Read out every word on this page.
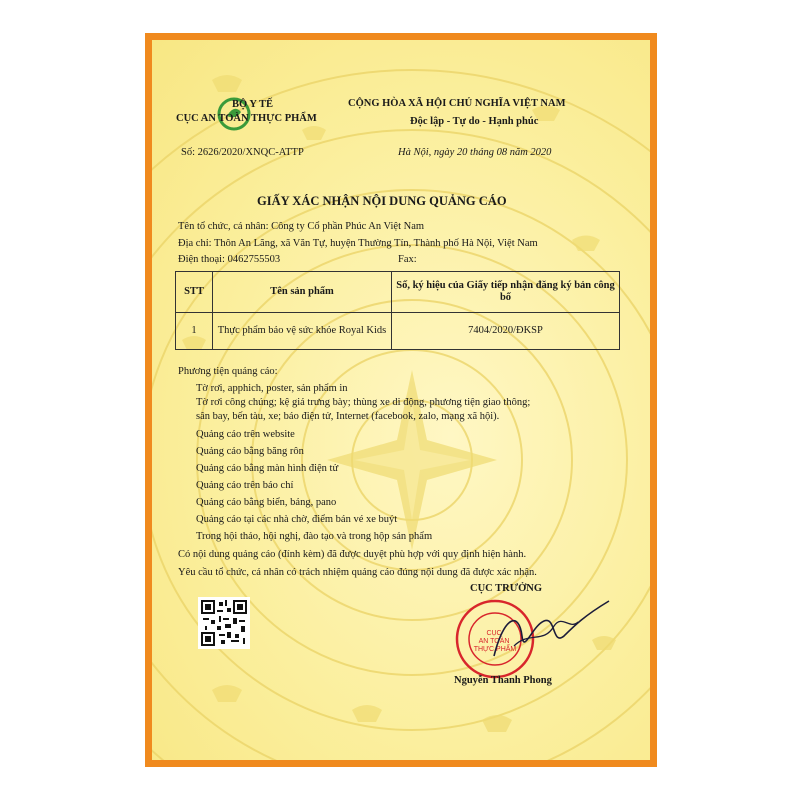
BỘ Y TẾ
CỤC AN TOÀN THỰC PHẨM
Số: 2626/2020/XNQC-ATTP
CỘNG HÒA XÃ HỘI CHỦ NGHĨA VIỆT NAM
Độc lập - Tự do - Hạnh phúc
Hà Nội, ngày 20 tháng 08 năm 2020
GIẤY XÁC NHẬN NỘI DUNG QUẢNG CÁO
Tên tổ chức, cá nhân: Công ty Cổ phần Phúc An Việt Nam
Địa chỉ: Thôn An Lãng, xã Văn Tự, huyện Thường Tín, Thành phố Hà Nội, Việt Nam
Điện thoại: 0462755503	Fax:
STT	Tên sản phẩm	Số, ký hiệu của Giấy tiếp nhận đăng ký bản công bố
1	Thực phẩm bảo vệ sức khỏe Royal Kids	7404/2020/ĐKSP
Phương tiện quảng cáo:
Tờ rơi, apphich, poster, sản phẩm in
Tờ rơi công chúng; kệ giá trưng bày; thùng xe di động, phương tiện giao thông;
sân bay, bến tàu, xe; báo điện tử, Internet (facebook, zalo, mạng xã hội).
Quảng cáo trên website
Quảng cáo bằng băng rôn
Quảng cáo bằng màn hình điện tử
Quảng cáo trên báo chí
Quảng cáo bằng biển, bảng, pano
Quảng cáo tại các nhà chờ, điểm bán vé xe buýt
Trong hội thảo, hội nghị, đào tạo và trong hộp sản phẩm
Có nội dung quảng cáo (đính kèm) đã được duyệt phù hợp với quy định hiện hành.
Yêu cầu tổ chức, cá nhân có trách nhiệm quảng cáo đúng nội dung đã được xác nhận.
CỤC TRƯỞNG
CỤC AN TOÀN THỰC PHẨM
Nguyễn Thanh Phong
